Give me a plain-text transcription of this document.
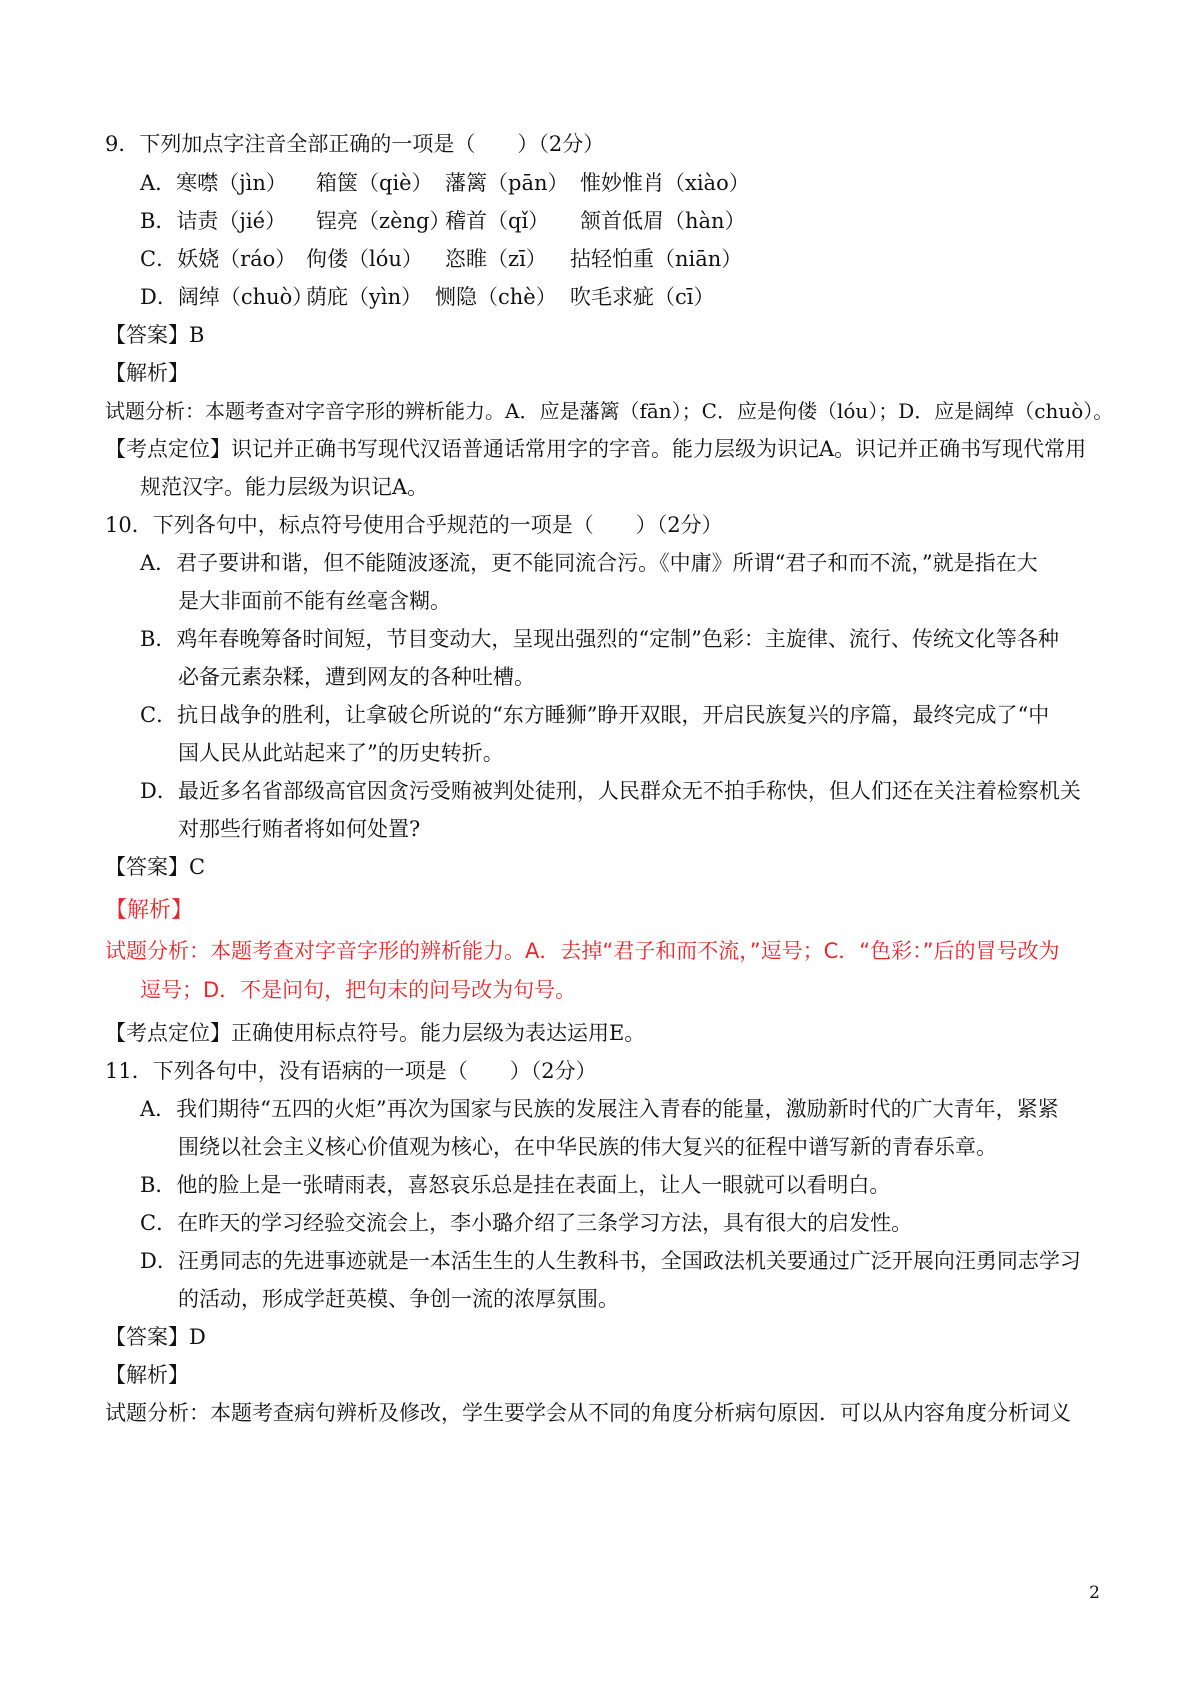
9．下列加点字注音全部正确的一项是（　　）（2分）
A．寒噤（jìn） 箱箧（qiè） 藩篱（pān） 惟妙惟肖（xiào）
B．诘责（jié） 锃亮（zèng）
稽首（qǐ） 颔首低眉（hàn）
C．妖娆（ráo） 佝偻（lóu） 恣睢（zī） 拈轻怕重（niān）
D．阔绰（chuò）
荫庇（yìn） 恻隐（chè） 吹毛求疵（cī）
【答案】B
【解析】
试题分析：本题考查对字音字形的辨析能力。A．应是藩篱（fān）；C．应是佝偻（lóu）；D．应是阔绰（chuò）。
【考点定位】识记并正确书写现代汉语普通话常用字的字音。能力层级为识记A。识记并正确书写现代常用
规范汉字。能力层级为识记A。
10．下列各句中，标点符号使用合乎规范的一项是（　　）（2分）
A．君子要讲和谐，但不能随波逐流，更不能同流合污。《中庸》所谓“君子和而不流，”就是指在大
是大非面前不能有丝毫含糊。
B．鸡年春晚筹备时间短，节目变动大，呈现出强烈的“定制”色彩：主旋律、流行、传统文化等各种
必备元素杂糅，遭到网友的各种吐槽。
C．抗日战争的胜利，让拿破仑所说的“东方睡狮”睁开双眼，开启民族复兴的序篇，最终完成了“中
国人民从此站起来了”的历史转折。
D．最近多名省部级高官因贪污受贿被判处徒刑，人民群众无不拍手称快，但人们还在关注着检察机关
对那些行贿者将如何处置?
【答案】C
【解析】
试题分析：本题考查对字音字形的辨析能力。A．去掉“君子和而不流，”逗号；C．“色彩：”后的冒号改为
逗号；D．不是问句，把句末的问号改为句号。
【考点定位】正确使用标点符号。能力层级为表达运用E。
11．下列各句中，没有语病的一项是（　　）（2分）
A．我们期待“五四的火炬”再次为国家与民族的发展注入青春的能量，激励新时代的广大青年，紧紧
围绕以社会主义核心价值观为核心，在中华民族的伟大复兴的征程中谱写新的青春乐章。
B．他的脸上是一张晴雨表，喜怒哀乐总是挂在表面上，让人一眼就可以看明白。
C．在昨天的学习经验交流会上，李小璐介绍了三条学习方法，具有很大的启发性。
D．汪勇同志的先进事迹就是一本活生生的人生教科书，全国政法机关要通过广泛开展向汪勇同志学习
的活动，形成学赶英模、争创一流的浓厚氛围。
【答案】D
【解析】
试题分析：本题考查病句辨析及修改，学生要学会从不同的角度分析病句原因．可以从内容角度分析词义
2
